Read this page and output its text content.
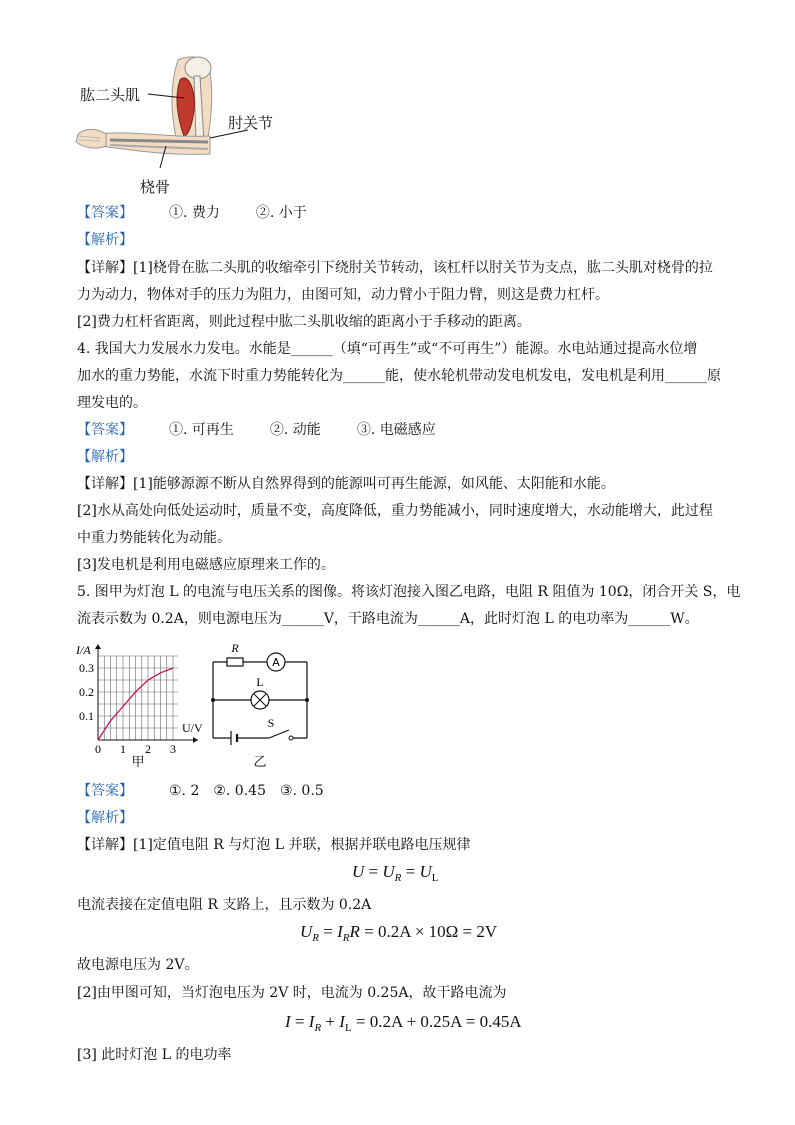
肱二头肌
肘关节
桡骨
【答案】	①. 费力	②. 小于
【解析】
【详解】[1]桡骨在肱二头肌的收缩牵引下绕肘关节转动，该杠杆以肘关节为支点，肱二头肌对桡骨的拉
力为动力，物体对手的压力为阻力，由图可知，动力臂小于阻力臂，则这是费力杠杆。
[2]费力杠杆省距离，则此过程中肱二头肌收缩的距离小于手移动的距离。
4. 我国大力发展水力发电。水能是______（填“可再生”或“不可再生”）能源。水电站通过提高水位增
加水的重力势能，水流下时重力势能转化为______能，使水轮机带动发电机发电，发电机是利用______原
理发电的。
【答案】	①. 可再生	②. 动能	③. 电磁感应
【解析】
【详解】[1]能够源源不断从自然界得到的能源叫可再生能源，如风能、太阳能和水能。
[2]水从高处向低处运动时，质量不变，高度降低，重力势能减小，同时速度增大，水动能增大，此过程
中重力势能转化为动能。
[3]发电机是利用电磁感应原理来工作的。
5. 图甲为灯泡 L 的电流与电压关系的图像。将该灯泡接入图乙电路，电阻 R 阻值为 10Ω，闭合开关 S，电
流表示数为 0.2A，则电源电压为______V，干路电流为______A，此时灯泡 L 的电功率为______W。
0.1
0.2
0.3
0 1 2 3
I/A
U/V
甲
A
R
L
S
乙
【答案】	①. 2 ②. 0.45 ③. 0.5
【解析】
【详解】[1]定值电阻 R 与灯泡 L 并联，根据并联电路电压规律
$U = U_R = U_L$
电流表接在定值电阻 R 支路上，且示数为 0.2A
$U_R = I_RR = 0.2A \times 10\Omega = 2V$
故电源电压为 2V。
[2]由甲图可知，当灯泡电压为 2V 时，电流为 0.25A，故干路电流为
$I = I_R + I_L = 0.2A + 0.25A = 0.45A$
[3] 此时灯泡 L 的电功率
